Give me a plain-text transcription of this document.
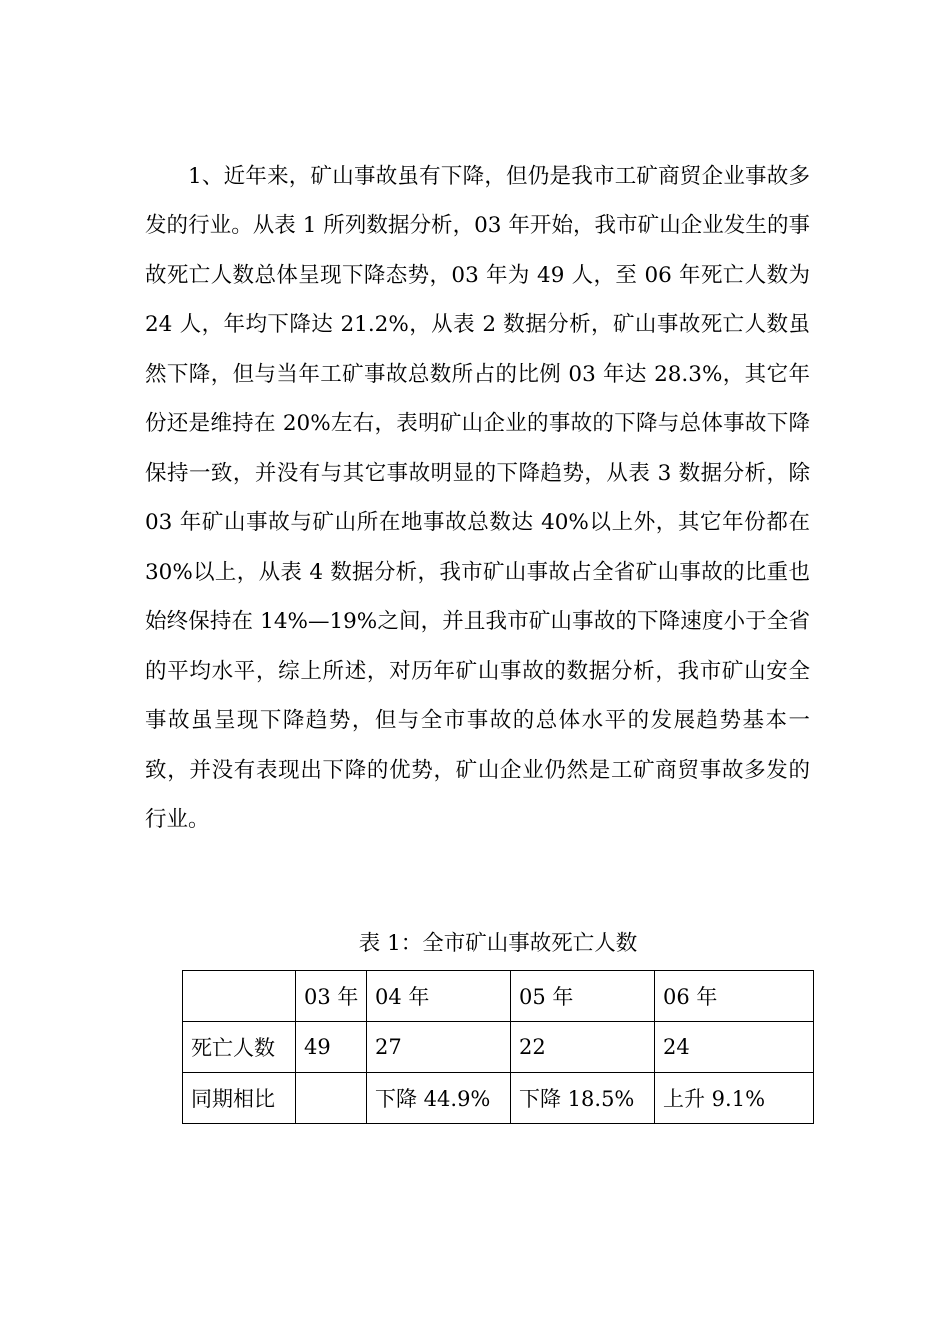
1、近年来，矿山事故虽有下降，但仍是我市工矿商贸企业事故多发的行业。从表 1 所列数据分析，03 年开始，我市矿山企业发生的事故死亡人数总体呈现下降态势，03 年为 49 人，至 06 年死亡人数为 24 人，年均下降达 21.2%，从表 2 数据分析，矿山事故死亡人数虽然下降，但与当年工矿事故总数所占的比例 03 年达 28.3%，其它年份还是维持在 20%左右，表明矿山企业的事故的下降与总体事故下降保持一致，并没有与其它事故明显的下降趋势，从表 3 数据分析，除 03 年矿山事故与矿山所在地事故总数达 40%以上外，其它年份都在 30%以上，从表 4 数据分析，我市矿山事故占全省矿山事故的比重也始终保持在 14%—19%之间，并且我市矿山事故的下降速度小于全省的平均水平，综上所述，对历年矿山事故的数据分析，我市矿山安全事故虽呈现下降趋势，但与全市事故的总体水平的发展趋势基本一致，并没有表现出下降的优势，矿山企业仍然是工矿商贸事故多发的行业。

表 1：全市矿山事故死亡人数
	03 年	04 年	05 年	06 年
死亡人数	49	27	22	24
同期相比		下降 44.9%	下降 18.5%	上升 9.1%
